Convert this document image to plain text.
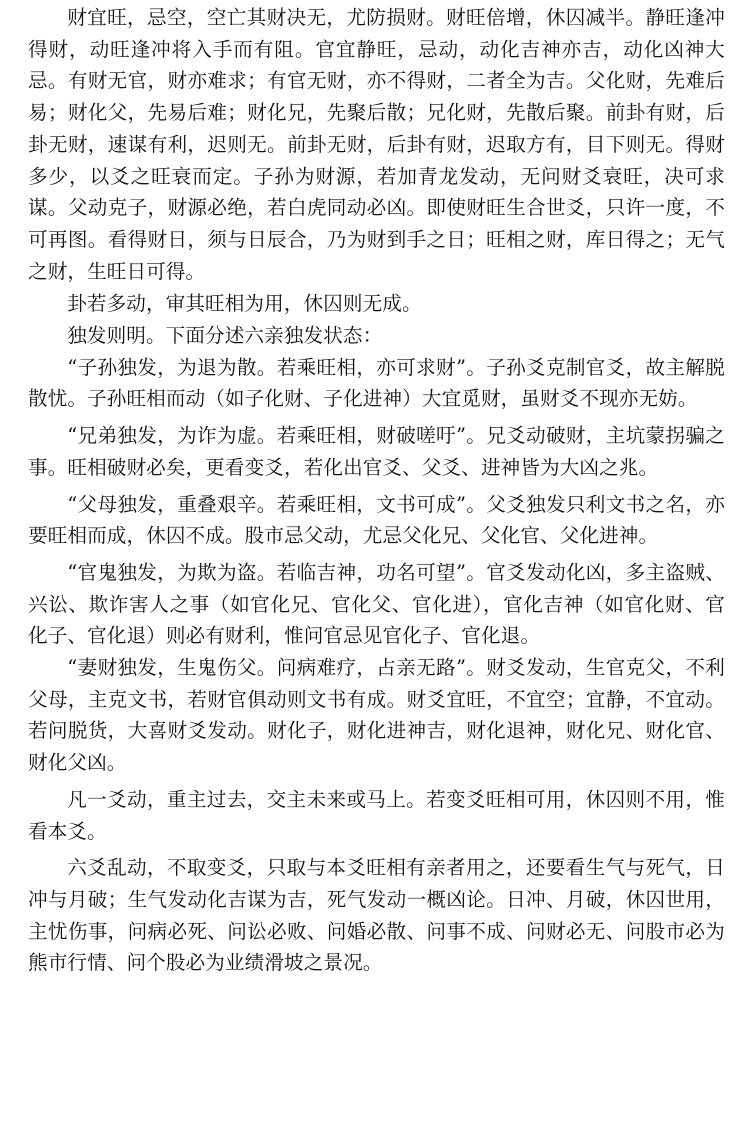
财宜旺，忌空，空亡其财决无，尤防损财。财旺倍增，休囚减半。静旺逢冲得财，动旺逢冲将入手而有阻。官宜静旺，忌动，动化吉神亦吉，动化凶神大忌。有财无官，财亦难求；有官无财，亦不得财，二者全为吉。父化财，先难后易；财化父，先易后难；财化兄，先聚后散；兄化财，先散后聚。前卦有财，后卦无财，速谋有利，迟则无。前卦无财，后卦有财，迟取方有，目下则无。得财多少，以爻之旺衰而定。子孙为财源，若加青龙发动，无问财爻衰旺，决可求谋。父动克子，财源必绝，若白虎同动必凶。即使财旺生合世爻，只许一度，不可再图。看得财日，须与日辰合，乃为财到手之日；旺相之财，库日得之；无气之财，生旺日可得。

卦若多动，审其旺相为用，休囚则无成。

独发则明。下面分述六亲独发状态：

“子孙独发，为退为散。若乘旺相，亦可求财”。子孙爻克制官爻，故主解脱散忧。子孙旺相而动（如子化财、子化进神）大宜觅财，虽财爻不现亦无妨。

“兄弟独发，为诈为虚。若乘旺相，财破嗟吁”。兄爻动破财，主坑蒙拐骗之事。旺相破财必矣，更看变爻，若化出官爻、父爻、进神皆为大凶之兆。

“父母独发，重叠艰辛。若乘旺相，文书可成”。父爻独发只利文书之名，亦要旺相而成，休囚不成。股市忌父动，尤忌父化兄、父化官、父化进神。

“官鬼独发，为欺为盗。若临吉神，功名可望”。官爻发动化凶，多主盗贼、兴讼、欺诈害人之事（如官化兄、官化父、官化进），官化吉神（如官化财、官化子、官化退）则必有财利，惟问官忌见官化子、官化退。

“妻财独发，生鬼伤父。问病难疗，占亲无路”。财爻发动，生官克父，不利父母，主克文书，若财官俱动则文书有成。财爻宜旺，不宜空；宜静，不宜动。若问脱货，大喜财爻发动。财化子，财化进神吉，财化退神，财化兄、财化官、财化父凶。

凡一爻动，重主过去，交主未来或马上。若变爻旺相可用，休囚则不用，惟看本爻。

六爻乱动，不取变爻，只取与本爻旺相有亲者用之，还要看生气与死气，日冲与月破；生气发动化吉谋为吉，死气发动一概凶论。日冲、月破，休囚世用，主忧伤事，问病必死、问讼必败、问婚必散、问事不成、问财必无、问股市必为熊市行情、问个股必为业绩滑坡之景况。
